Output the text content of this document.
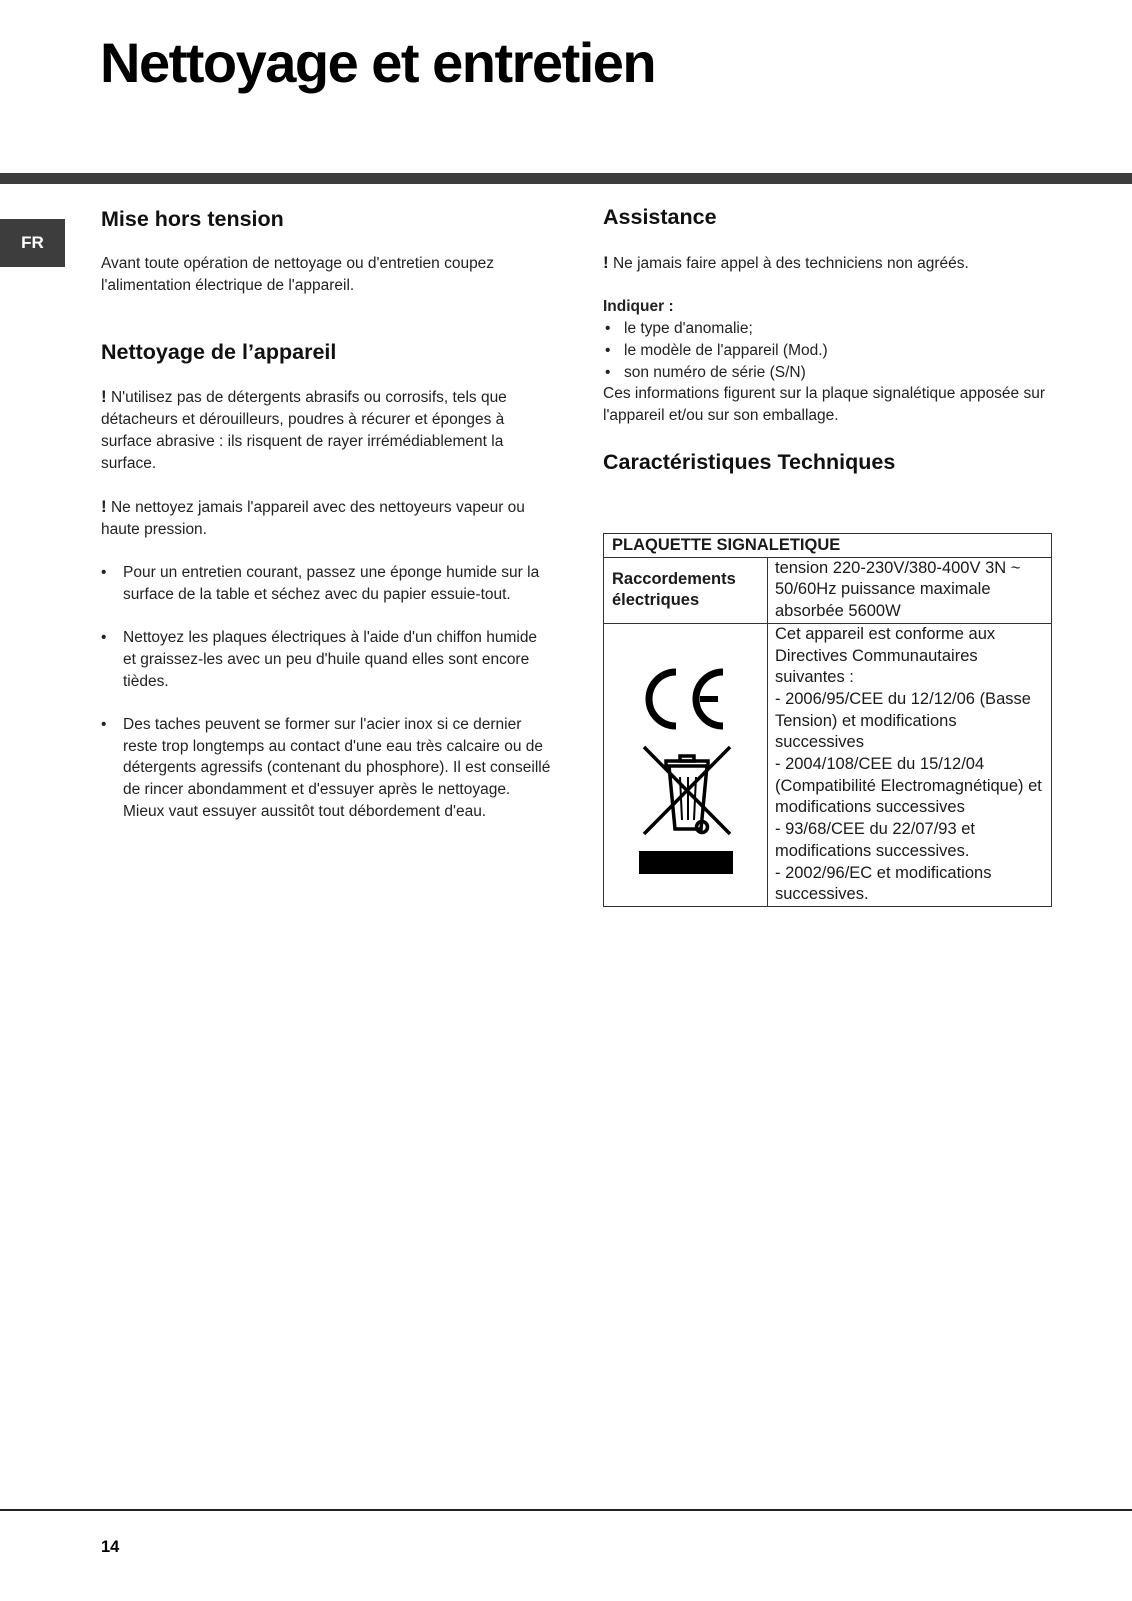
Nettoyage et entretien
FR
Mise hors tension

Avant toute opération de nettoyage ou d'entretien coupez l'alimentation électrique de l'appareil.

Nettoyage de l’appareil

! N'utilisez pas de détergents abrasifs ou corrosifs, tels que détacheurs et dérouilleurs, poudres à récurer et éponges à surface abrasive : ils risquent de rayer irrémédiablement la surface.

! Ne nettoyez jamais l'appareil avec des nettoyeurs vapeur ou haute pression.

• Pour un entretien courant, passez une éponge humide sur la surface de la table et séchez avec du papier essuie-tout.
• Nettoyez les plaques électriques à l'aide d'un chiffon humide et graissez-les avec un peu d'huile quand elles sont encore tièdes.
• Des taches peuvent se former sur l'acier inox si ce dernier reste trop longtemps au contact d'une eau très calcaire ou de détergents agressifs (contenant du phosphore). Il est conseillé de rincer abondamment et d'essuyer après le nettoyage. Mieux vaut essuyer aussitôt tout débordement d'eau.
Assistance

! Ne jamais faire appel à des techniciens non agréés.

Indiquer :

• le type d'anomalie;
• le modèle de l'appareil (Mod.)
• son numéro de série (S/N)

Ces informations figurent sur la plaque signalétique apposée sur l'appareil et/ou sur son emballage.

Caractéristiques Techniques
PLAQUETTE SIGNALETIQUE	
Raccordements électriques	tension 220-230V/380-400V 3N ~ 50/60Hz puissance maximale absorbée 5600W
	Cet appareil est conforme aux Directives Communautaires suivantes :
- 2006/95/CEE du 12/12/06 (Basse Tension) et modifications successives
- 2004/108/CEE du 15/12/04 (Compatibilité Electromagnétique) et modifications successives
- 93/68/CEE du 22/07/93 et modifications successives.
- 2002/96/EC et modifications successives.
14
